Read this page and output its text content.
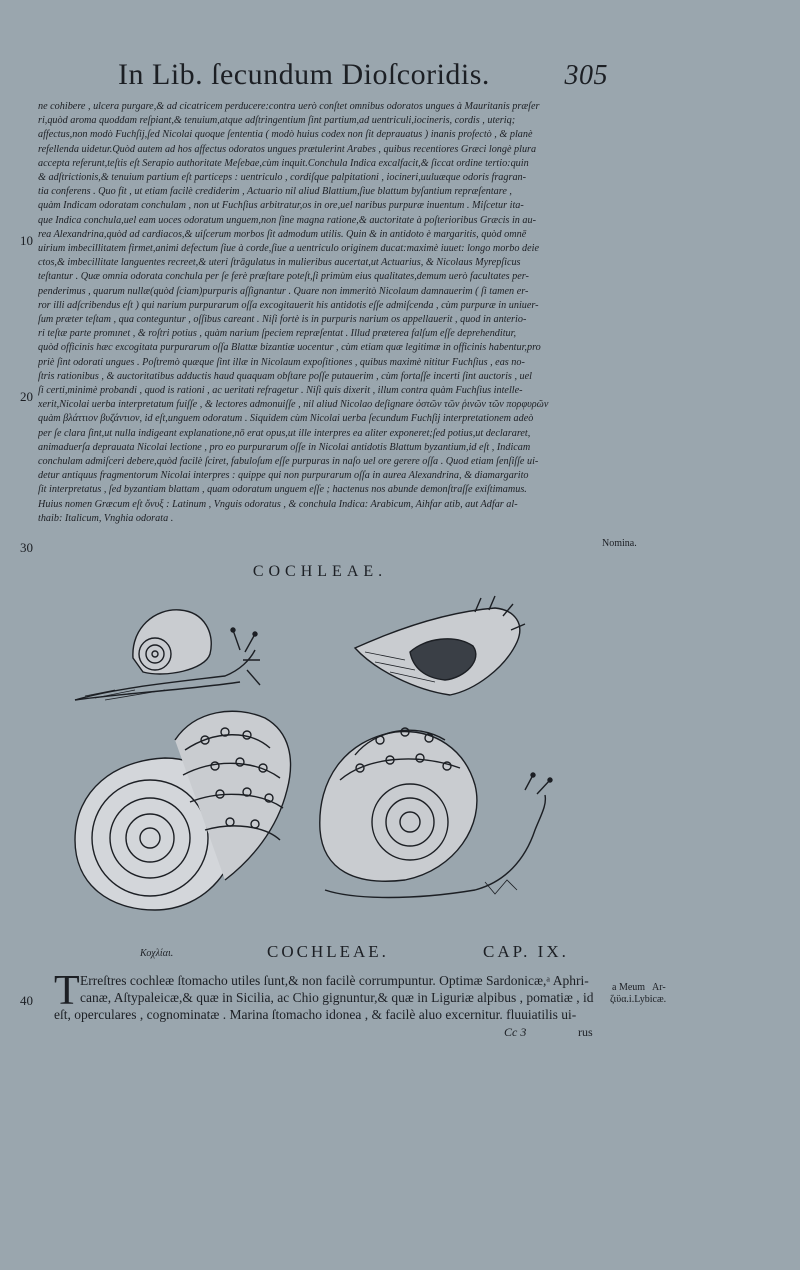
In Lib. ſecundum Dioſcoridis.	305
ne cohibere , ulcera purgare,& ad cicatricem perducere:contra uerò conſtet omnibus odoratos ungues à Mauritanis præſer
ri,quòd aroma quoddam reſpiant,& tenuium,atque adſtringentium ſint partium,ad uentriculi,iocineris, cordis , uteriq;
affectus,non modò Fuchſij,ſed Nicolai quoque ſententia ( modò huius codex non ſit deprauatus ) inanis profectò , & planè
refellenda uidetur.Quòd autem ad hos affectus odoratos ungues prætulerint Arabes , quibus recentiores Græci longè plura
accepta referunt,teſtis eſt Serapio authoritate Meſebae,cùm inquit.Conchula Indica excalfacit,& ſiccat ordine tertio:quin
& adſtrictionis,& tenuium partium eſt particeps : uentriculo , cordiſque palpitationi , iocineri,uuluæque odoris fragran-
tia conferens . Quo fit , ut etiam facilè crediderim , Actuario nil aliud Blattium,ſiue blattum byſantium repræſentare ,
quàm Indicam odoratam conchulam , non ut Fuchſius arbitratur,os in ore,uel naribus purpuræ inuentum . Miſcetur ita-
que Indica conchula,uel eam uoces odoratum unguem,non ſine magna ratione,& auctoritate à poſterioribus Græcis in au-
rea Alexandrina,quòd ad cardiacos,& uiſcerum morbos ſit admodum utilis. Quin & in antidoto è margaritis, quòd omnē
uirium imbecillitatem firmet,animi defectum ſiue à corde,ſiue a uentriculo originem ducat:maximè iuuet: longo morbo deie
ctos,& imbecillitate languentes recreet,& uteri ſtrāgulatus in mulieribus aucertat,ut Actuarius, & Nicolaus Myrepſicus
teſtantur . Quæ omnia odorata conchula per ſe ferè præſtare poteſt,ſi primùm eius qualitates,demum uerò facultates per-
penderimus , quarum nullæ(quòd ſciam)purpuris aſſignantur . Quare non immeritò Nicolaum damnauerim ( ſi tamen er-
ror illi adſcribendus eſt ) qui narium purpurarum oſſa excogitauerit his antidotis eſſe admiſcenda , cùm purpuræ in uniuer-
ſum præter teſtam , qua conteguntur , oſſibus careant . Niſi fortè is in purpuris narium os appellauerit , quod in anterio-
ri teſtæ parte promınet , & roſtri potius , quàm narium ſpeciem repræſentat . Illud præterea falſum eſſe deprehenditur,
quòd officinis hæc excogitata purpurarum oſſa Blattæ bizantiæ uocentur , cùm etiam quæ legitimæ in officinis habentur,pro
priè ſint odorati ungues . Poſtremò quæque ſint illæ in Nicolaum expoſitiones , quibus maximè nititur Fuchſius , eas no-
ſtris rationibus , & auctoritatibus adductis haud quaquam obſtare poſſe putauerim , cùm fortaſſe incerti ſint auctoris , uel
ſi certi,minimè probandi , quod is rationi , ac ueritati refragetur . Niſi quis dixerit , illum contra quàm Fuchſius intelle-
xerit,Nicolai uerba interpretatum fuiſſe , & lectores admonuiſſe , nil aliud Nicolao deſignare ὀστῶν τῶν ῥινῶν τῶν πορφυρῶν
quàm βλάττιον βυζάντιον, id eſt,unguem odoratum . Siquidem cùm Nicolai uerba ſecundum Fuchſij interpretationem adeò
per ſe clara ſint,ut nulla indigeant explanatione,nō erat opus,ut ille interpres ea aliter exponeret;ſed potius,ut declararet,
animaduerſa deprauata Nicolai lectione , pro eo purpurarum oſſe in Nicolai antidotis Blattum byzantium,id eſt , Indicam
conchulam admiſceri debere,quòd facilè ſciret, fabuloſum eſſe purpuras in naſo uel ore gerere oſſa . Quod etiam ſenſiſſe ui-
detur antiquus fragmentorum Nicolai interpres : quippe qui non purpurarum oſſa in aurea Alexandrina, & diamargarito
ſit interpretatus , ſed byzantiam blattam , quam odoratum unguem eſſe ; hactenus nos abunde demonſtraſſe exiſtimamus.
Huius nomen Græcum eſt ὄνυξ : Latinum , Vnguis odoratus , & conchula Indica: Arabicum, Aihfar atib, aut Adfar al-
thaib: Italicum, Vnghia odorata .
10
20
30
40
Nomina.
a Meum Ar-
ζιϋα.i.Lybicæ.
COCHLEAE.
Κοχλίαι.	COCHLEAE.	CAP. IX.
T Erreſtres cochleæ ſtomacho utiles ſunt,& non facilè corrumpuntur. Optimæ Sardonicæ,ᵃ Aphri-
canæ, Aſtypaleicæ,& quæ in Sicilia, ac Chio gignuntur,& quæ in Liguriæ alpibus , pomatiæ , id
eſt, operculares , cognominatæ . Marina ſtomacho idonea , & facilè aluo excernitur. fluuiatilis ui-
Cc 3	rus
